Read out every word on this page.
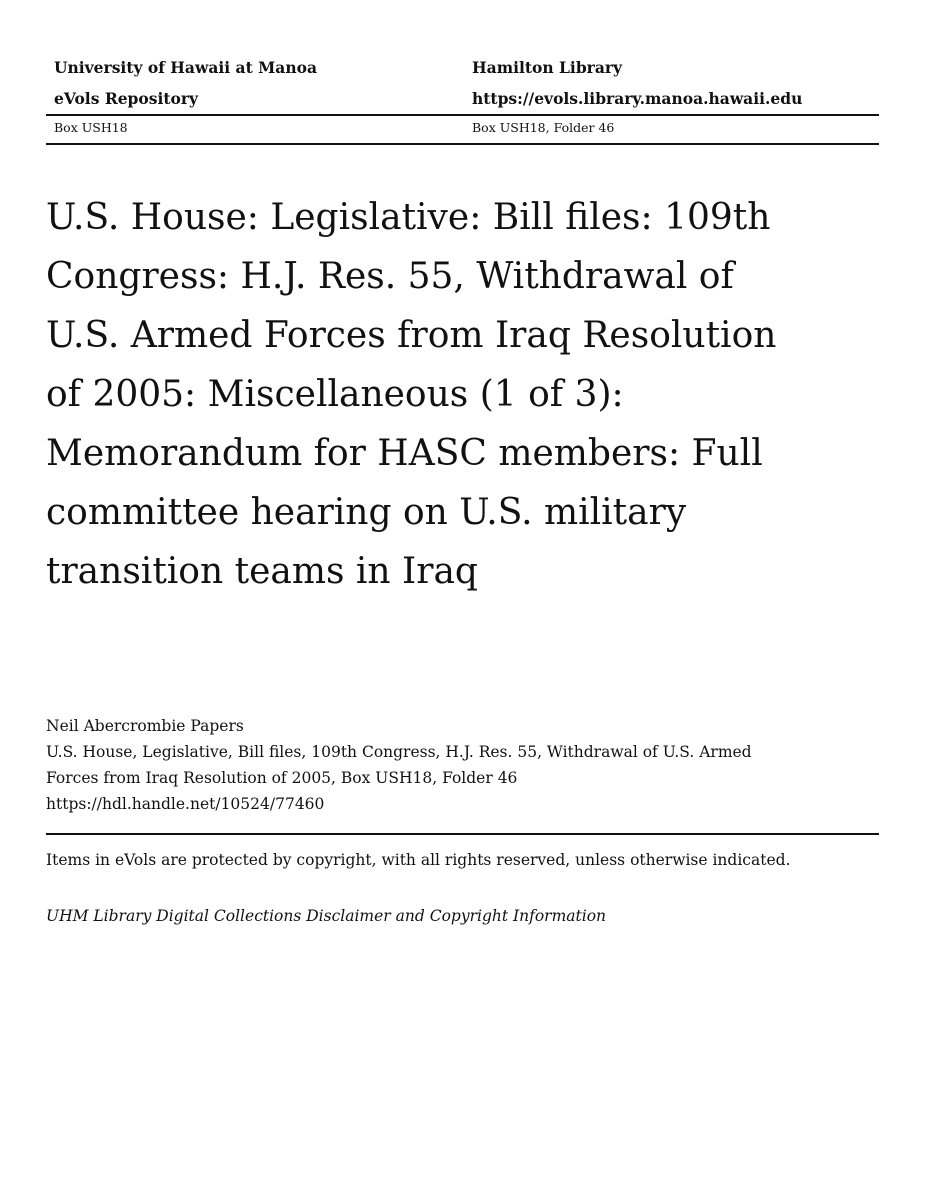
University of Hawaii at Manoa	Hamilton Library
eVols Repository	https://evols.library.manoa.hawaii.edu
Box USH18	Box USH18, Folder 46
U.S. House: Legislative: Bill files: 109th Congress: H.J. Res. 55, Withdrawal of U.S. Armed Forces from Iraq Resolution of 2005: Miscellaneous (1 of 3): Memorandum for HASC members: Full committee hearing on U.S. military transition teams in Iraq
Neil Abercrombie Papers
U.S. House, Legislative, Bill files, 109th Congress, H.J. Res. 55, Withdrawal of U.S. Armed Forces from Iraq Resolution of 2005, Box USH18, Folder 46
https://hdl.handle.net/10524/77460
Items in eVols are protected by copyright, with all rights reserved, unless otherwise indicated.
UHM Library Digital Collections Disclaimer and Copyright Information
